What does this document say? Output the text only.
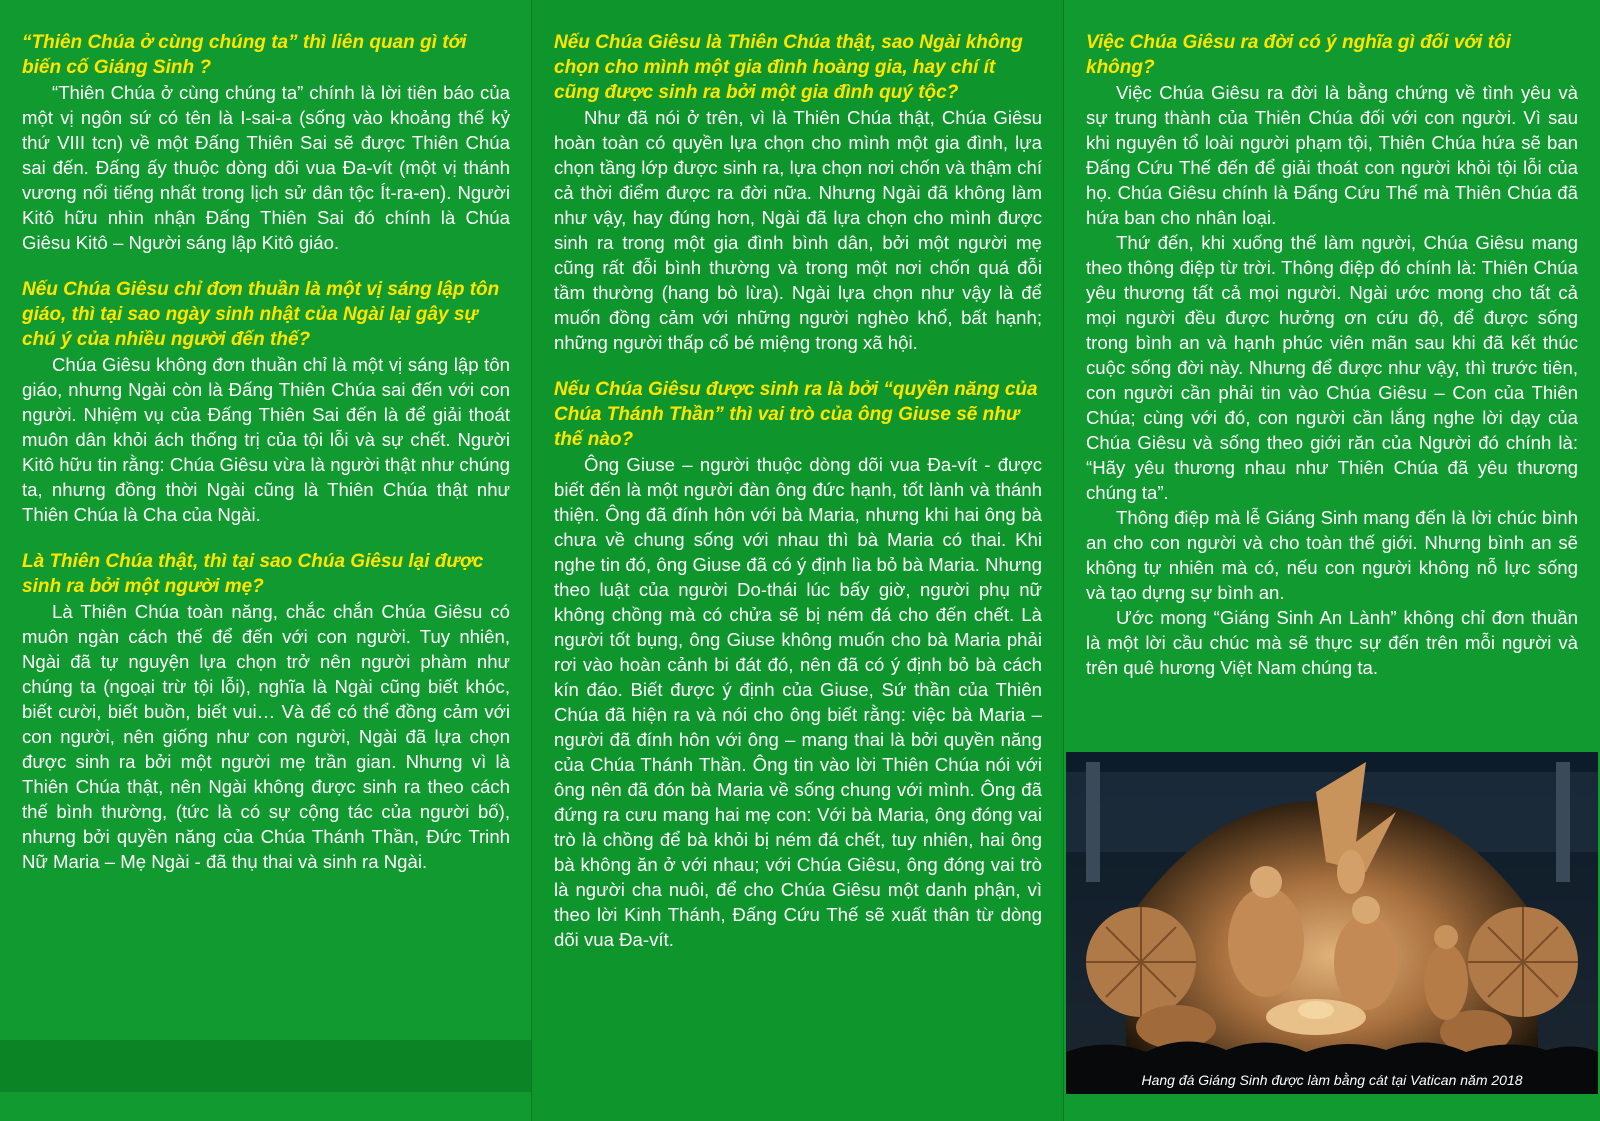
“Thiên Chúa ở cùng chúng ta” thì liên quan gì tới biến cố Giáng Sinh ?

“Thiên Chúa ở cùng chúng ta” chính là lời tiên báo của một vị ngôn sứ có tên là I-sai-a (sống vào khoảng thế kỷ thứ VIII tcn) về một Đấng Thiên Sai sẽ được Thiên Chúa sai đến. Đấng ấy thuộc dòng dõi vua Đa-vít (một vị thánh vương nổi tiếng nhất trong lịch sử dân tộc Ít-ra-en). Người Kitô hữu nhìn nhận Đấng Thiên Sai đó chính là Chúa Giêsu Kitô – Người sáng lập Kitô giáo.

Nếu Chúa Giêsu chỉ đơn thuần là một vị sáng lập tôn giáo, thì tại sao ngày sinh nhật của Ngài lại gây sự chú ý của nhiều người đến thế?

Chúa Giêsu không đơn thuần chỉ là một vị sáng lập tôn giáo, nhưng Ngài còn là Đấng Thiên Chúa sai đến với con người. Nhiệm vụ của Đấng Thiên Sai đến là để giải thoát muôn dân khỏi ách thống trị của tội lỗi và sự chết. Người Kitô hữu tin rằng: Chúa Giêsu vừa là người thật như chúng ta, nhưng đồng thời Ngài cũng là Thiên Chúa thật như Thiên Chúa là Cha của Ngài.

Là Thiên Chúa thật, thì tại sao Chúa Giêsu lại được sinh ra bởi một người mẹ?

Là Thiên Chúa toàn năng, chắc chắn Chúa Giêsu có muôn ngàn cách thế để đến với con người. Tuy nhiên, Ngài đã tự nguyện lựa chọn trở nên người phàm như chúng ta (ngoại trừ tội lỗi), nghĩa là Ngài cũng biết khóc, biết cười, biết buồn, biết vui… Và để có thể đồng cảm với con người, nên giống như con người, Ngài đã lựa chọn được sinh ra bởi một người mẹ trần gian. Nhưng vì là Thiên Chúa thật, nên Ngài không được sinh ra theo cách thế bình thường, (tức là có sự cộng tác của người bố), nhưng bởi quyền năng của Chúa Thánh Thần, Đức Trinh Nữ Maria – Mẹ Ngài - đã thụ thai và sinh ra Ngài.

Nếu Chúa Giêsu là Thiên Chúa thật, sao Ngài không chọn cho mình một gia đình hoàng gia, hay chí ít cũng được sinh ra bởi một gia đình quý tộc?

Như đã nói ở trên, vì là Thiên Chúa thật, Chúa Giêsu hoàn toàn có quyền lựa chọn cho mình một gia đình, lựa chọn tầng lớp được sinh ra, lựa chọn nơi chốn và thậm chí cả thời điểm được ra đời nữa. Nhưng Ngài đã không làm như vậy, hay đúng hơn, Ngài đã lựa chọn cho mình được sinh ra trong một gia đình bình dân, bởi một người mẹ cũng rất đỗi bình thường và trong một nơi chốn quá đỗi tầm thường (hang bò lừa). Ngài lựa chọn như vậy là để muốn đồng cảm với những người nghèo khổ, bất hạnh; những người thấp cổ bé miệng trong xã hội.

Nếu Chúa Giêsu được sinh ra là bởi “quyền năng của Chúa Thánh Thần” thì vai trò của ông Giuse sẽ như thế nào?

Ông Giuse – người thuộc dòng dõi vua Đa-vít - được biết đến là một người đàn ông đức hạnh, tốt lành và thánh thiện. Ông đã đính hôn với bà Maria, nhưng khi hai ông bà chưa về chung sống với nhau thì bà Maria có thai. Khi nghe tin đó, ông Giuse đã có ý định lìa bỏ bà Maria. Nhưng theo luật của người Do-thái lúc bấy giờ, người phụ nữ không chồng mà có chửa sẽ bị ném đá cho đến chết. Là người tốt bụng, ông Giuse không muốn cho bà Maria phải rơi vào hoàn cảnh bi đát đó, nên đã có ý định bỏ bà cách kín đáo. Biết được ý định của Giuse, Sứ thần của Thiên Chúa đã hiện ra và nói cho ông biết rằng: việc bà Maria – người đã đính hôn với ông – mang thai là bởi quyền năng của Chúa Thánh Thần. Ông tin vào lời Thiên Chúa nói với ông nên đã đón bà Maria về sống chung với mình. Ông đã đứng ra cưu mang hai mẹ con: Với bà Maria, ông đóng vai trò là chồng để bà khỏi bị ném đá chết, tuy nhiên, hai ông bà không ăn ở với nhau; với Chúa Giêsu, ông đóng vai trò là người cha nuôi, để cho Chúa Giêsu một danh phận, vì theo lời Kinh Thánh, Đấng Cứu Thế sẽ xuất thân từ dòng dõi vua Đa-vít.

Việc Chúa Giêsu ra đời có ý nghĩa gì đối với tôi không?

Việc Chúa Giêsu ra đời là bằng chứng về tình yêu và sự trung thành của Thiên Chúa đối với con người. Vì sau khi nguyên tổ loài người phạm tội, Thiên Chúa hứa sẽ ban Đấng Cứu Thế đến để giải thoát con người khỏi tội lỗi của họ. Chúa Giêsu chính là Đấng Cứu Thế mà Thiên Chúa đã hứa ban cho nhân loại.

Thứ đến, khi xuống thế làm người, Chúa Giêsu mang theo thông điệp từ trời. Thông điệp đó chính là: Thiên Chúa yêu thương tất cả mọi người. Ngài ước mong cho tất cả mọi người đều được hưởng ơn cứu độ, để được sống trong bình an và hạnh phúc viên mãn sau khi đã kết thúc cuộc sống đời này. Nhưng để được như vậy, thì trước tiên, con người cần phải tin vào Chúa Giêsu – Con của Thiên Chúa; cùng với đó, con người cần lắng nghe lời dạy của Chúa Giêsu và sống theo giới răn của Người đó chính là: “Hãy yêu thương nhau như Thiên Chúa đã yêu thương chúng ta”.

Thông điệp mà lễ Giáng Sinh mang đến là lời chúc bình an cho con người và cho toàn thế giới. Nhưng bình an sẽ không tự nhiên mà có, nếu con người không nỗ lực sống và tạo dựng sự bình an.

Ước mong “Giáng Sinh An Lành” không chỉ đơn thuần là một lời cầu chúc mà sẽ thực sự đến trên mỗi người và trên quê hương Việt Nam chúng ta.

Hang đá Giáng Sinh được làm bằng cát tại Vatican năm 2018
